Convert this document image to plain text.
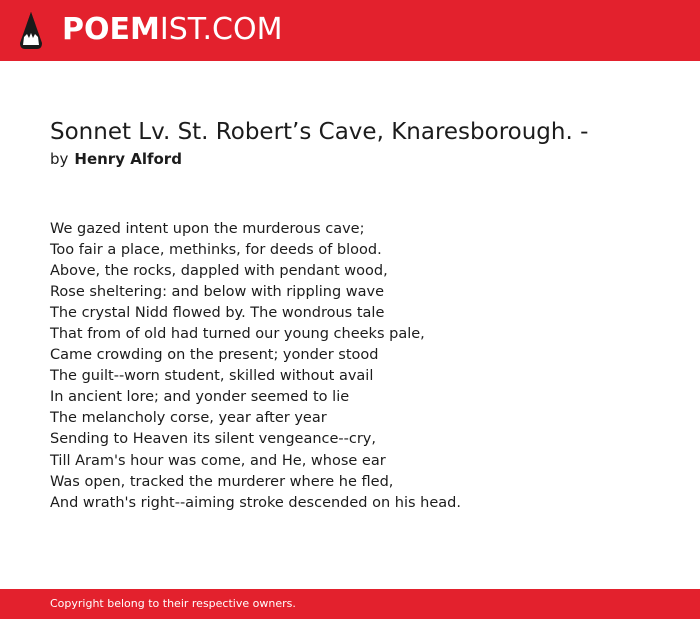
POEMIST.COM
Sonnet Lv. St. Robert’s Cave, Knaresborough. -
by Henry Alford
We gazed intent upon the murderous cave;
Too fair a place, methinks, for deeds of blood.
Above, the rocks, dappled with pendant wood,
Rose sheltering: and below with rippling wave
The crystal Nidd flowed by. The wondrous tale
That from of old had turned our young cheeks pale,
Came crowding on the present; yonder stood
The guilt--worn student, skilled without avail
In ancient lore; and yonder seemed to lie
The melancholy corse, year after year
Sending to Heaven its silent vengeance--cry,
Till Aram's hour was come, and He, whose ear
Was open, tracked the murderer where he fled,
And wrath's right--aiming stroke descended on his head.
Copyright belong to their respective owners.
